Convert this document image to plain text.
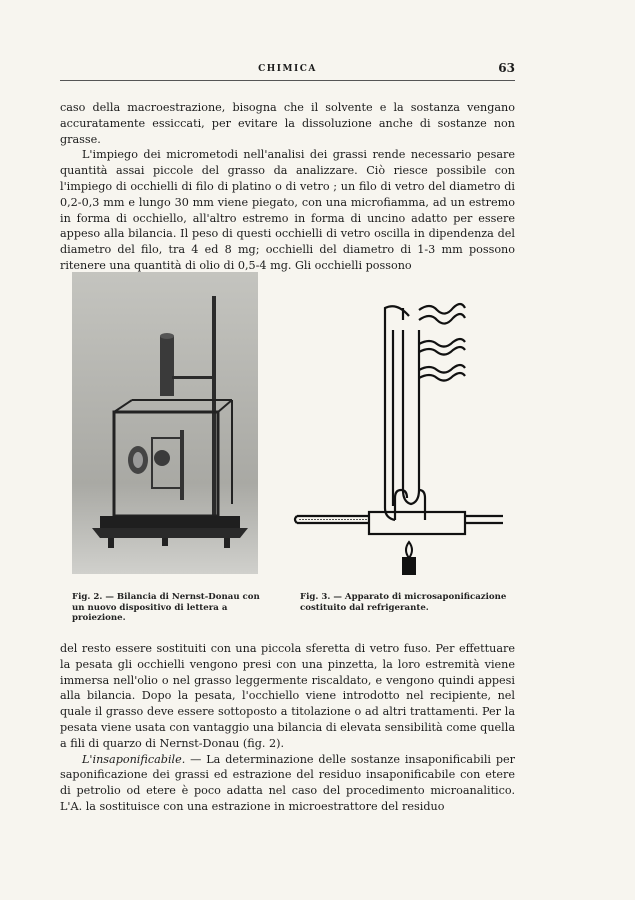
CHIMICA	63

caso della macroestrazione, bisogna che il solvente e la sostanza vengano accuratamente essiccati, per evitare la dissoluzione anche di sostanze non grasse.

L'impiego dei micrometodi nell'analisi dei grassi rende necessario pesare quantità assai piccole del grasso da analizzare. Ciò riesce possibile con l'impiego di occhielli di filo di platino o di vetro ; un filo di vetro del diametro di 0,2-0,3 mm e lungo 30 mm viene piegato, con una microfiamma, ad un estremo in forma di occhiello, all'altro estremo in forma di uncino adatto per essere appeso alla bilancia. Il peso di questi occhielli di vetro oscilla in dipendenza del diametro del filo, tra 4 ed 8 mg; occhielli del diametro di 1-3 mm possono ritenere una quantità di olio di 0,5-4 mg. Gli occhielli possono

Fig. 2. — Bilancia di Nernst-Donau con un nuovo dispositivo di lettera a proiezione.
Fig. 3. — Apparato di microsaponificazione costituito dal refrigerante.

del resto essere sostituiti con una piccola sferetta di vetro fuso. Per effettuare la pesata gli occhielli vengono presi con una pinzetta, la loro estremità viene immersa nell'olio o nel grasso leggermente riscaldato, e vengono quindi appesi alla bilancia. Dopo la pesata, l'occhiello viene introdotto nel recipiente, nel quale il grasso deve essere sottoposto a titolazione o ad altri trattamenti. Per la pesata viene usata con vantaggio una bilancia di elevata sensibilità come quella a fili di quarzo di Nernst-Donau (fig. 2).

L'insaponificabile. — La determinazione delle sostanze insaponificabili per saponificazione dei grassi ed estrazione del residuo insaponificabile con etere di petrolio od etere è poco adatta nel caso del procedimento microanalitico. L'A. la sostituisce con una estrazione in microestrattore del residuo
